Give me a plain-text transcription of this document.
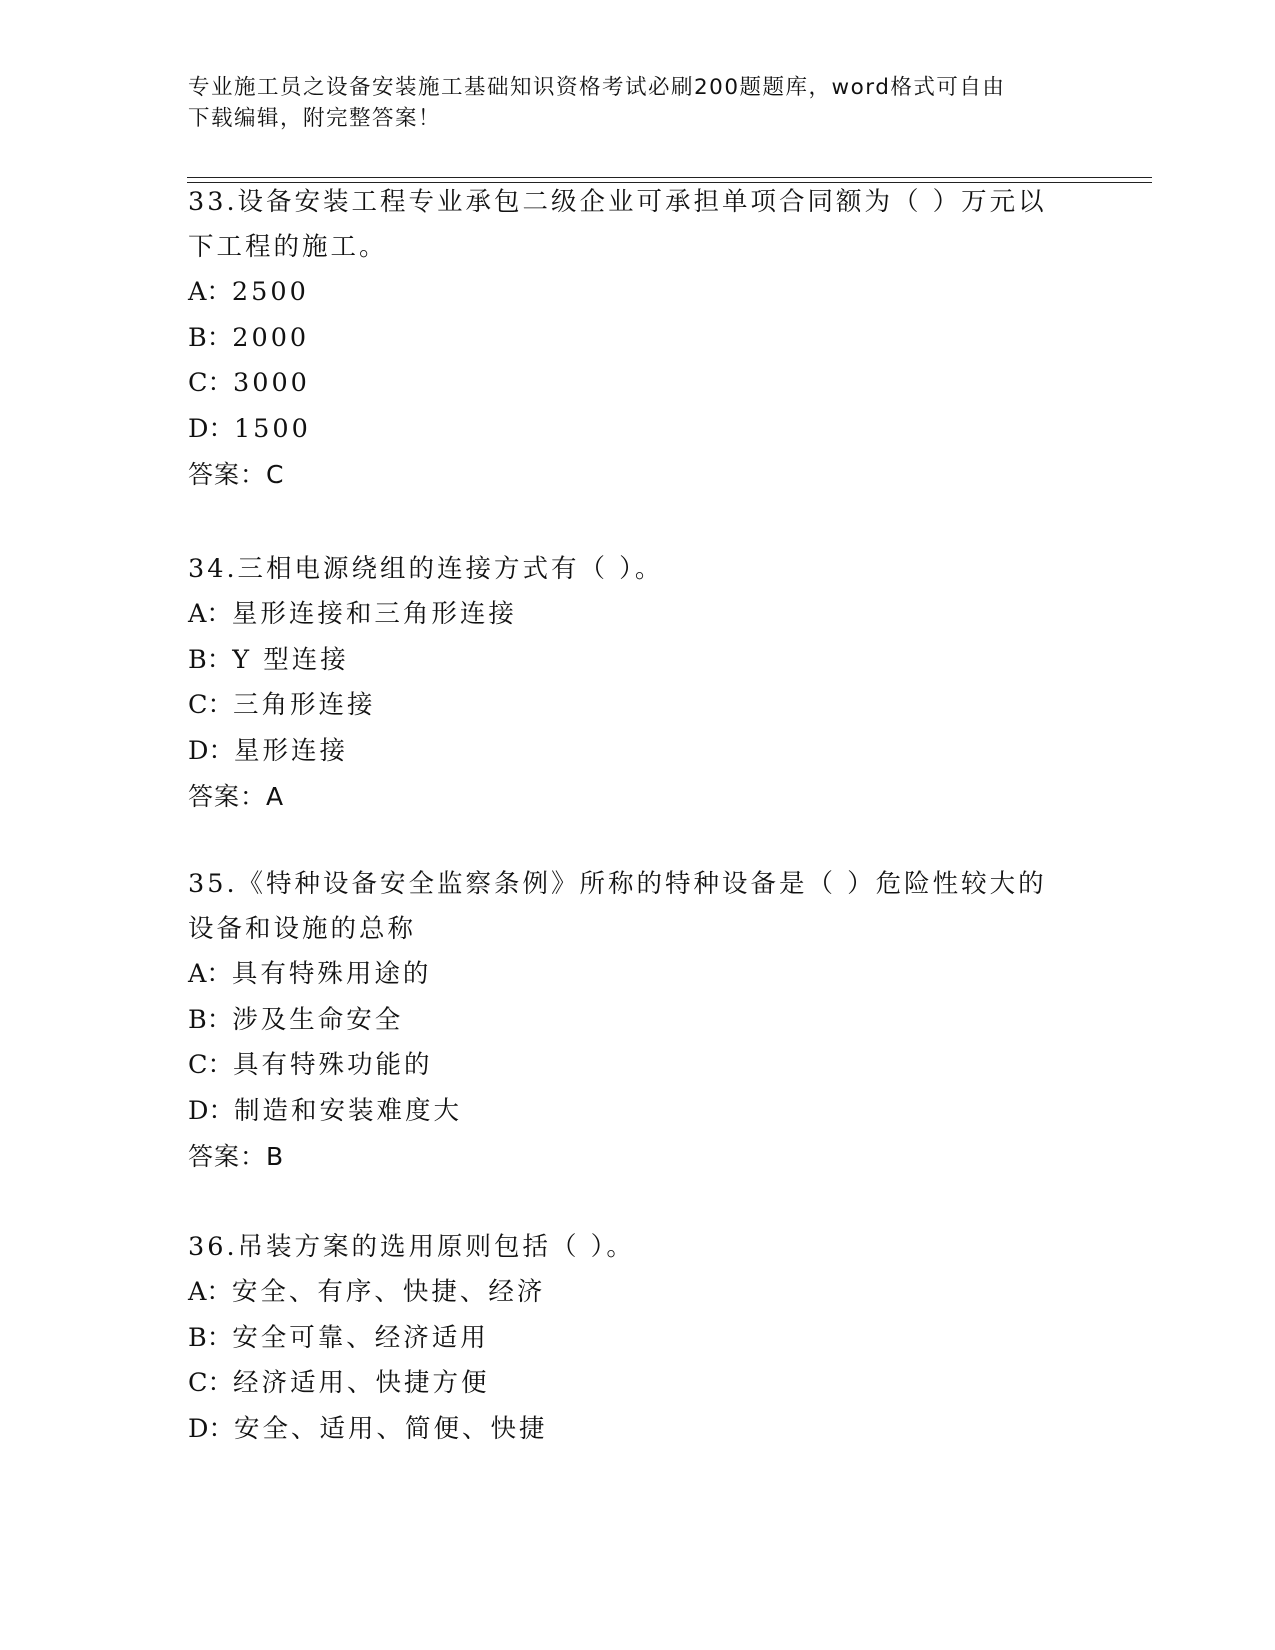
专业施工员之设备安装施工基础知识资格考试必刷200题题库，word格式可自由
下载编辑，附完整答案！
33.设备安装工程专业承包二级企业可承担单项合同额为（ ）万元以
下工程的施工。
A：2500
B：2000
C：3000
D：1500
答案：C
34.三相电源绕组的连接方式有（ ）。
A：星形连接和三角形连接
B：Y 型连接
C：三角形连接
D：星形连接
答案：A
35.《特种设备安全监察条例》所称的特种设备是（ ）危险性较大的
设备和设施的总称
A：具有特殊用途的
B：涉及生命安全
C：具有特殊功能的
D：制造和安装难度大
答案：B
36.吊装方案的选用原则包括（ ）。
A：安全、有序、快捷、经济
B：安全可靠、经济适用
C：经济适用、快捷方便
D：安全、适用、简便、快捷
